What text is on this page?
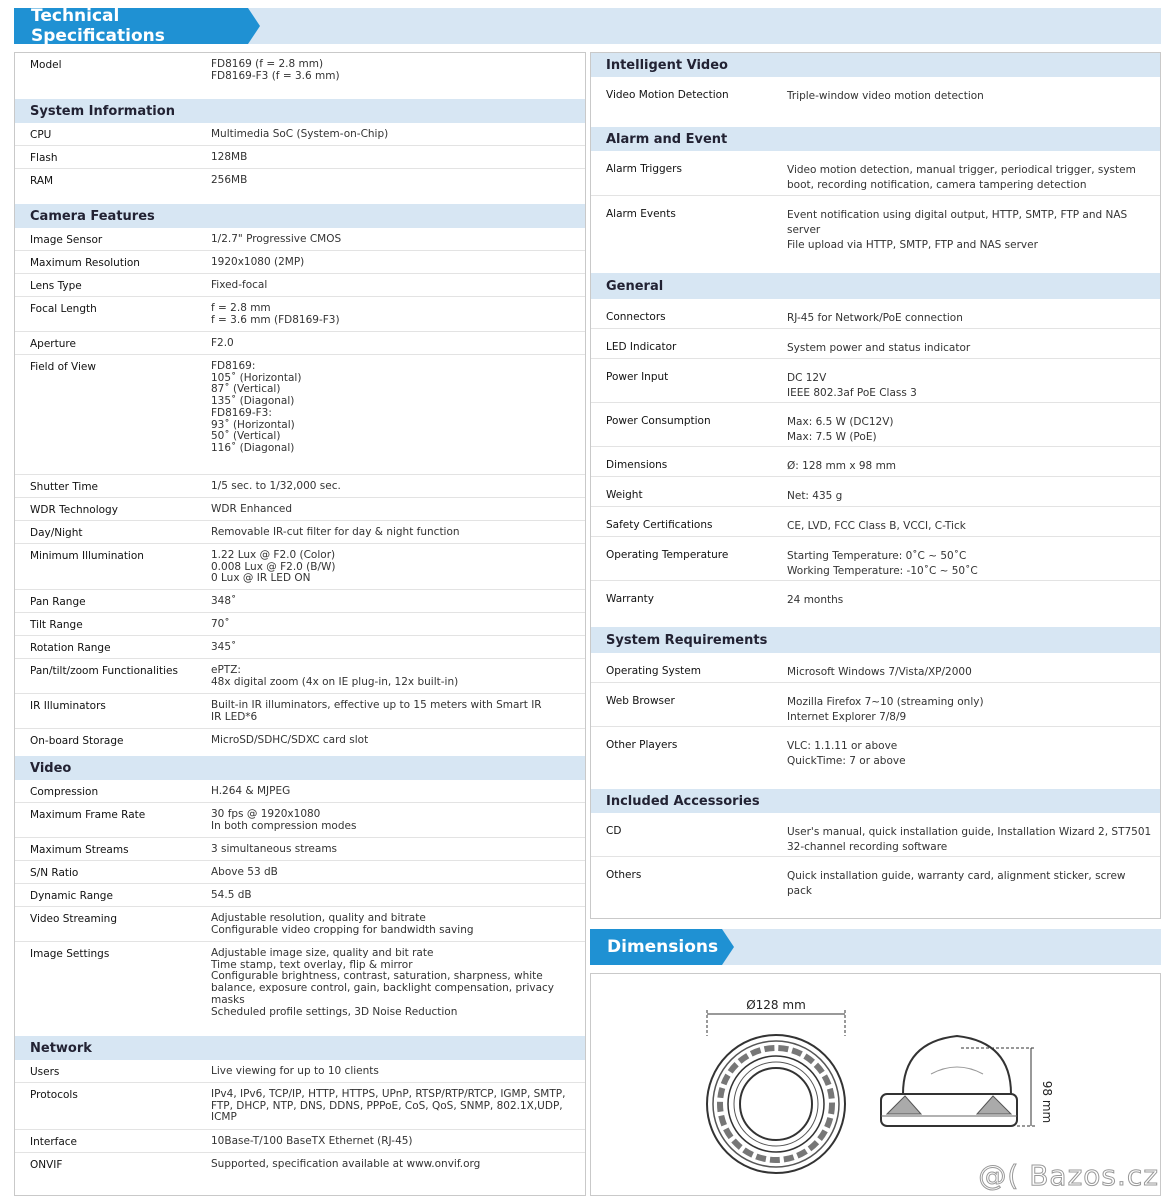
Technical Specifications
Model	FD8169 (f = 2.8 mm)
FD8169-F3 (f = 3.6 mm)
System Information
CPU	Multimedia SoC (System-on-Chip)
Flash	128MB
RAM	256MB
Camera Features
Image Sensor	1/2.7" Progressive CMOS
Maximum Resolution	1920x1080 (2MP)
Lens Type	Fixed-focal
Focal Length	f = 2.8 mm
f = 3.6 mm (FD8169-F3)
Aperture	F2.0
Field of View	FD8169:
105˚ (Horizontal)
87˚ (Vertical)
135˚ (Diagonal)
FD8169-F3:
93˚ (Horizontal)
50˚ (Vertical)
116˚ (Diagonal)
Shutter Time	1/5 sec. to 1/32,000 sec.
WDR Technology	WDR Enhanced
Day/Night	Removable IR-cut filter for day & night function
Minimum Illumination	1.22 Lux @ F2.0 (Color)
0.008 Lux @ F2.0 (B/W)
0 Lux @ IR LED ON
Pan Range	348˚
Tilt Range	70˚
Rotation Range	345˚
Pan/tilt/zoom Functionalities	ePTZ:
48x digital zoom (4x on IE plug-in, 12x built-in)
IR Illuminators	Built-in IR illuminators, effective up to 15 meters with Smart IR
IR LED*6
On-board Storage	MicroSD/SDHC/SDXC card slot
Video
Compression	H.264 & MJPEG
Maximum Frame Rate	30 fps @ 1920x1080
In both compression modes
Maximum Streams	3 simultaneous streams
S/N Ratio	Above 53 dB
Dynamic Range	54.5 dB
Video Streaming	Adjustable resolution, quality and bitrate
Configurable video cropping for bandwidth saving
Image Settings	Adjustable image size, quality and bit rate
Time stamp, text overlay, flip & mirror
Configurable brightness, contrast, saturation, sharpness, white
balance, exposure control, gain, backlight compensation, privacy
masks
Scheduled profile settings, 3D Noise Reduction
Network
Users	Live viewing for up to 10 clients
Protocols	IPv4, IPv6, TCP/IP, HTTP, HTTPS, UPnP, RTSP/RTP/RTCP, IGMP, SMTP,
FTP, DHCP, NTP, DNS, DDNS, PPPoE, CoS, QoS, SNMP, 802.1X,UDP,
ICMP
Interface	10Base-T/100 BaseTX Ethernet (RJ-45)
ONVIF	Supported, specification available at www.onvif.org
Intelligent Video
Video Motion Detection	Triple-window video motion detection
Alarm and Event
Alarm Triggers	Video motion detection, manual trigger, periodical trigger, system
boot, recording notification, camera tampering detection
Alarm Events	Event notification using digital output, HTTP, SMTP, FTP and NAS
server
File upload via HTTP, SMTP, FTP and NAS server
General
Connectors	RJ-45 for Network/PoE connection
LED Indicator	System power and status indicator
Power Input	DC 12V
IEEE 802.3af PoE Class 3
Power Consumption	Max: 6.5 W (DC12V)
Max: 7.5 W (PoE)
Dimensions	Ø: 128 mm x 98 mm
Weight	Net: 435 g
Safety Certifications	CE, LVD, FCC Class B, VCCI, C-Tick
Operating Temperature	Starting Temperature: 0˚C ~ 50˚C
Working Temperature: -10˚C ~ 50˚C
Warranty	24 months
System Requirements
Operating System	Microsoft Windows 7/Vista/XP/2000
Web Browser	Mozilla Firefox 7~10 (streaming only)
Internet Explorer 7/8/9
Other Players	VLC: 1.1.11 or above
QuickTime: 7 or above
Included Accessories
CD	User's manual, quick installation guide, Installation Wizard 2, ST7501
32-channel recording software
Others	Quick installation guide, warranty card, alignment sticker, screw
pack
Dimensions
Ø128 mm
98 mm
@( Bazos.cz
